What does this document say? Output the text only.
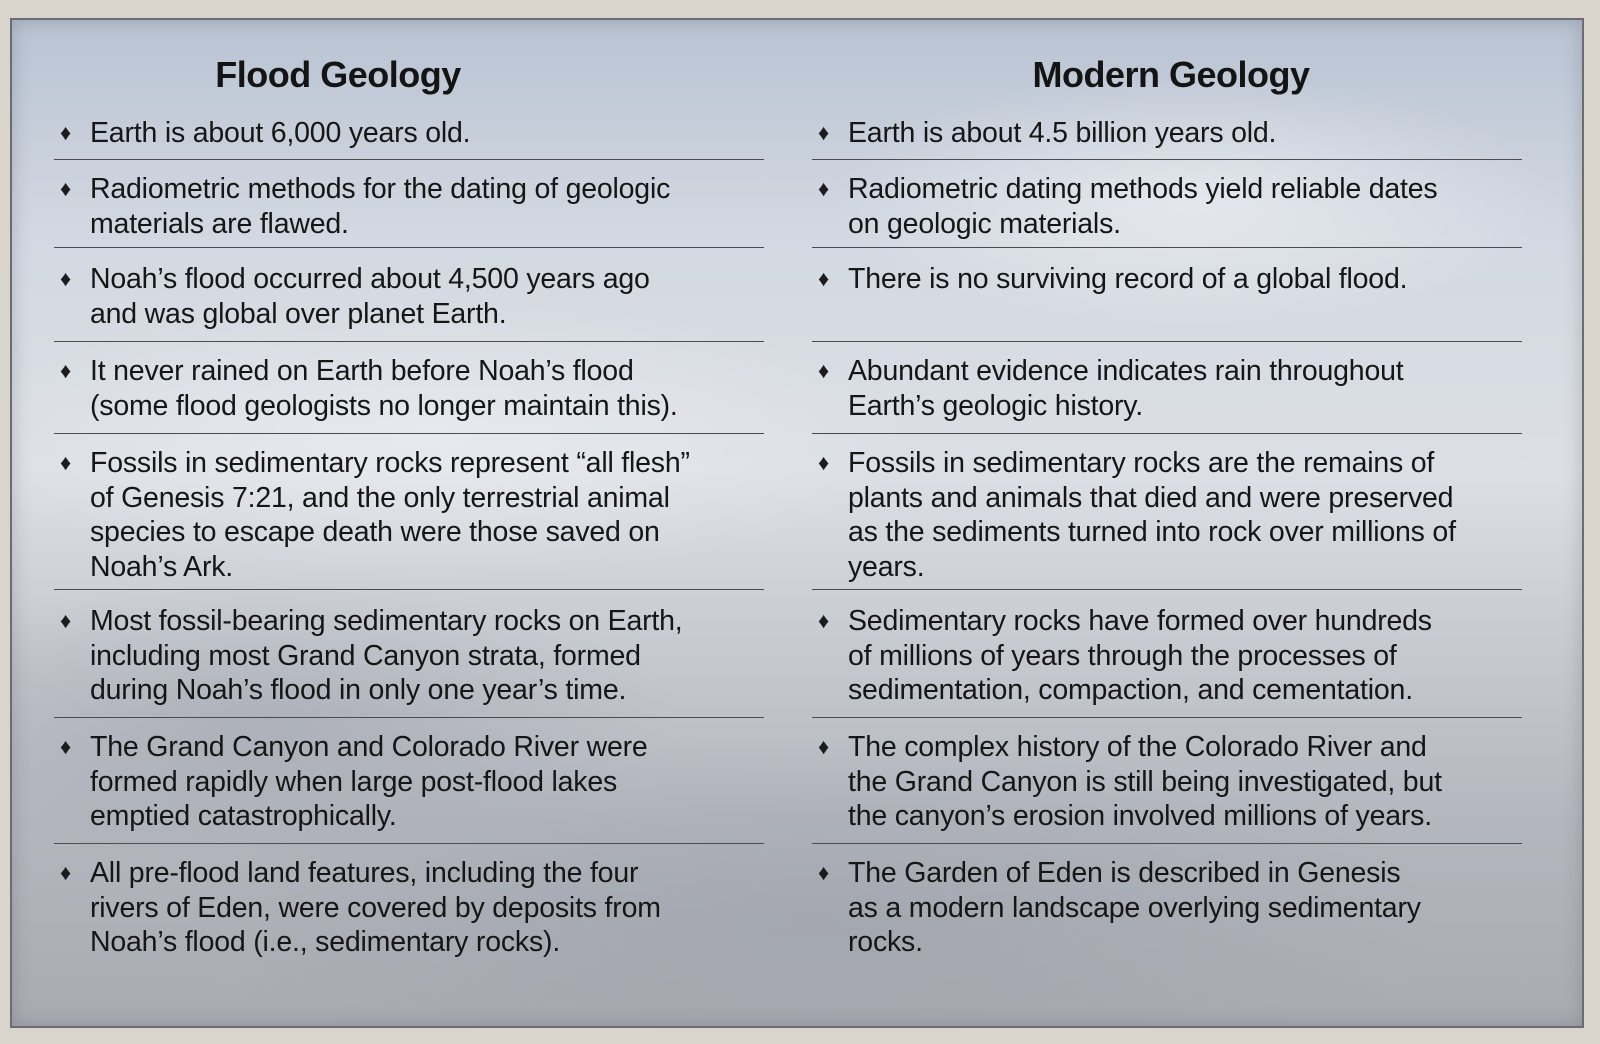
Flood Geology
♦ Earth is about 6,000 years old.
♦ Radiometric methods for the dating of geologic
materials are flawed.
♦ Noah’s flood occurred about 4,500 years ago
and was global over planet Earth.
♦ It never rained on Earth before Noah’s flood
(some flood geologists no longer maintain this).
♦ Fossils in sedimentary rocks represent “all flesh”
of Genesis 7:21, and the only terrestrial animal
species to escape death were those saved on
Noah’s Ark.
♦ Most fossil-bearing sedimentary rocks on Earth,
including most Grand Canyon strata, formed
during Noah’s flood in only one year’s time.
♦ The Grand Canyon and Colorado River were
formed rapidly when large post-flood lakes
emptied catastrophically.
♦ All pre-flood land features, including the four
rivers of Eden, were covered by deposits from
Noah’s flood (i.e., sedimentary rocks).
Modern Geology
♦ Earth is about 4.5 billion years old.
♦ Radiometric dating methods yield reliable dates
on geologic materials.
♦ There is no surviving record of a global flood.
♦ Abundant evidence indicates rain throughout
Earth’s geologic history.
♦ Fossils in sedimentary rocks are the remains of
plants and animals that died and were preserved
as the sediments turned into rock over millions of
years.
♦ Sedimentary rocks have formed over hundreds
of millions of years through the processes of
sedimentation, compaction, and cementation.
♦ The complex history of the Colorado River and
the Grand Canyon is still being investigated, but
the canyon’s erosion involved millions of years.
♦ The Garden of Eden is described in Genesis
as a modern landscape overlying sedimentary
rocks.
